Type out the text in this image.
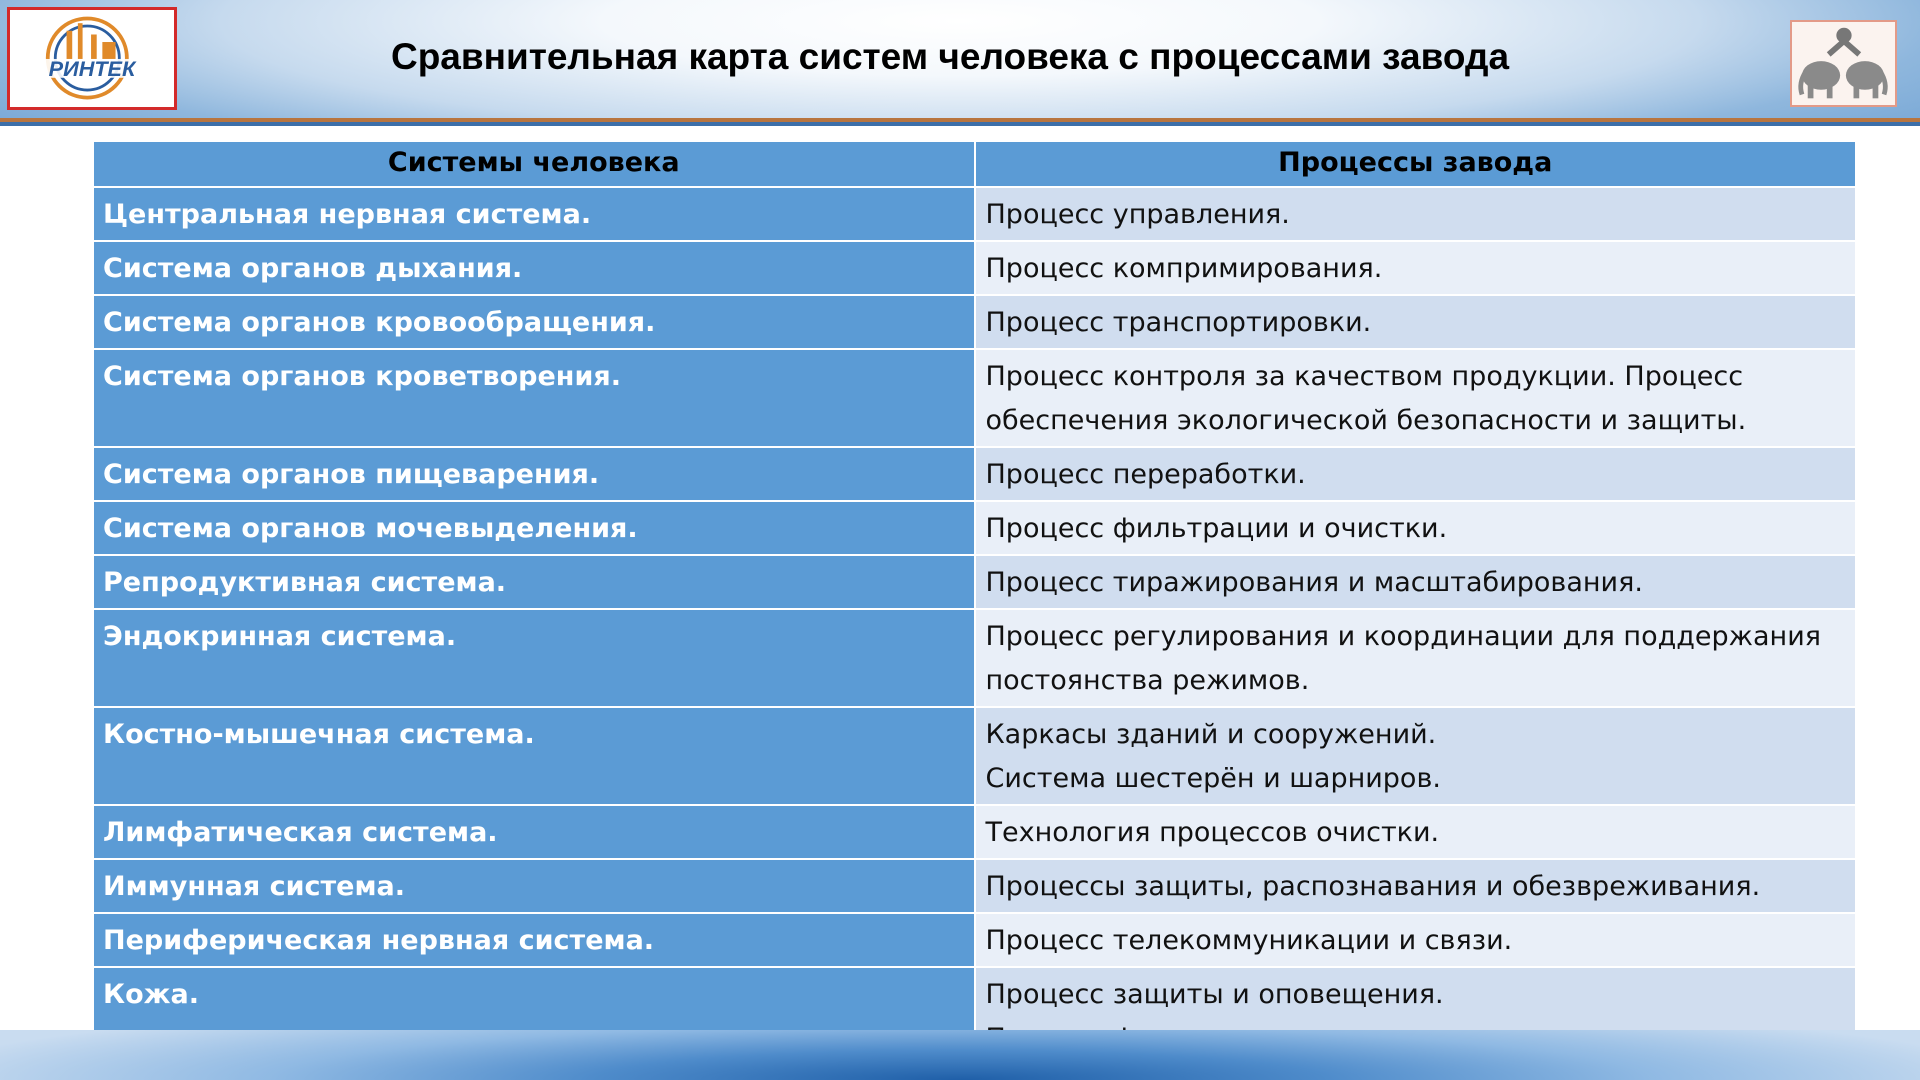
РИНТЕК	Сравнительная карта систем человека с процессами завода
Системы человека	Процессы завода
Центральная нервная система.	Процесс управления.

Система органов дыхания.	Процесс компримирования.

Система органов кровообращения.	Процесс транспортировки.

Система органов кроветворения.	Процесс контроля за качеством продукции. Процесс обеспечения экологической безопасности и защиты.

Система органов пищеварения.	Процесс переработки.

Система органов мочевыделения.	Процесс фильтрации и очистки.

Репродуктивная система.	Процесс тиражирования и масштабирования.

Эндокринная система.	Процесс регулирования и координации для поддержания постоянства режимов.

Костно-мышечная система.	Каркасы зданий и сооружений.
Система шестерён и шарниров.

Лимфатическая система.	Технология процессов очистки.

Иммунная система.	Процессы защиты, распознавания и обезвреживания.

Периферическая нервная система.	Процесс телекоммуникации и связи.

Кожа.	Процесс защиты и оповещения.
